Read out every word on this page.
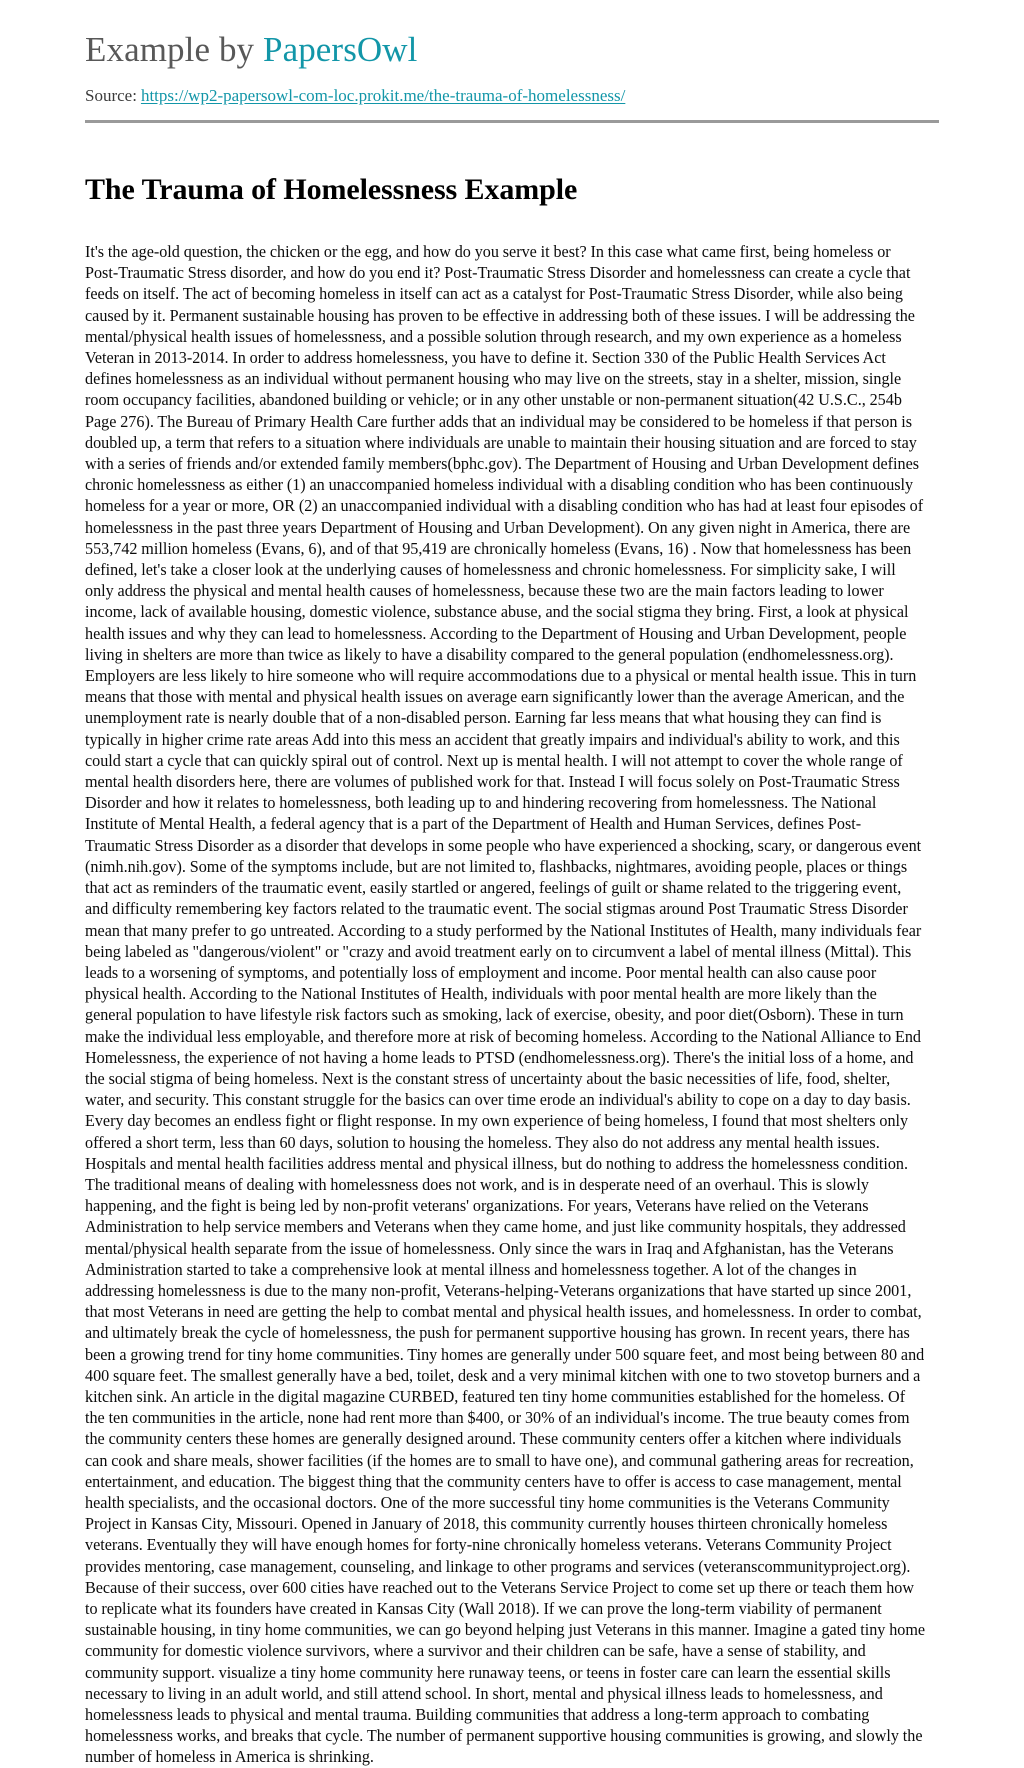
Example by PapersOwl
Source: https://wp2-papersowl-com-loc.prokit.me/the-trauma-of-homelessness/
The Trauma of Homelessness Example

It's the age-old question, the chicken or the egg, and how do you serve it best? In this case what came first, being homeless or Post-Traumatic Stress disorder, and how do you end it? Post-Traumatic Stress Disorder and homelessness can create a cycle that feeds on itself. The act of becoming homeless in itself can act as a catalyst for Post-Traumatic Stress Disorder, while also being caused by it. Permanent sustainable housing has proven to be effective in addressing both of these issues. I will be addressing the mental/physical health issues of homelessness, and a possible solution through research, and my own experience as a homeless Veteran in 2013-2014. In order to address homelessness, you have to define it. Section 330 of the Public Health Services Act defines homelessness as an individual without permanent housing who may live on the streets, stay in a shelter, mission, single room occupancy facilities, abandoned building or vehicle; or in any other unstable or non-permanent situation(42 U.S.C., 254b Page 276). The Bureau of Primary Health Care further adds that an individual may be considered to be homeless if that person is doubled up, a term that refers to a situation where individuals are unable to maintain their housing situation and are forced to stay with a series of friends and/or extended family members(bphc.gov). The Department of Housing and Urban Development defines chronic homelessness as either (1) an unaccompanied homeless individual with a disabling condition who has been continuously homeless for a year or more, OR (2) an unaccompanied individual with a disabling condition who has had at least four episodes of homelessness in the past three years Department of Housing and Urban Development). On any given night in America, there are 553,742 million homeless (Evans, 6), and of that 95,419 are chronically homeless (Evans, 16) . Now that homelessness has been defined, let's take a closer look at the underlying causes of homelessness and chronic homelessness. For simplicity sake, I will only address the physical and mental health causes of homelessness, because these two are the main factors leading to lower income, lack of available housing, domestic violence, substance abuse, and the social stigma they bring. First, a look at physical health issues and why they can lead to homelessness. According to the Department of Housing and Urban Development, people living in shelters are more than twice as likely to have a disability compared to the general population (endhomelessness.org). Employers are less likely to hire someone who will require accommodations due to a physical or mental health issue. This in turn means that those with mental and physical health issues on average earn significantly lower than the average American, and the unemployment rate is nearly double that of a non-disabled person. Earning far less means that what housing they can find is typically in higher crime rate areas Add into this mess an accident that greatly impairs and individual's ability to work, and this could start a cycle that can quickly spiral out of control. Next up is mental health. I will not attempt to cover the whole range of mental health disorders here, there are volumes of published work for that. Instead I will focus solely on Post-Traumatic Stress Disorder and how it relates to homelessness, both leading up to and hindering recovering from homelessness. The National Institute of Mental Health, a federal agency that is a part of the Department of Health and Human Services, defines Post-Traumatic Stress Disorder as a disorder that develops in some people who have experienced a shocking, scary, or dangerous event (nimh.nih.gov). Some of the symptoms include, but are not limited to, flashbacks, nightmares, avoiding people, places or things that act as reminders of the traumatic event, easily startled or angered, feelings of guilt or shame related to the triggering event, and difficulty remembering key factors related to the traumatic event. The social stigmas around Post Traumatic Stress Disorder mean that many prefer to go untreated. According to a study performed by the National Institutes of Health, many individuals fear being labeled as "dangerous/violent" or "crazy and avoid treatment early on to circumvent a label of mental illness (Mittal). This leads to a worsening of symptoms, and potentially loss of employment and income. Poor mental health can also cause poor physical health. According to the National Institutes of Health, individuals with poor mental health are more likely than the general population to have lifestyle risk factors such as smoking, lack of exercise, obesity, and poor diet(Osborn). These in turn make the individual less employable, and therefore more at risk of becoming homeless. According to the National Alliance to End Homelessness, the experience of not having a home leads to PTSD (endhomelessness.org). There's the initial loss of a home, and the social stigma of being homeless. Next is the constant stress of uncertainty about the basic necessities of life, food, shelter, water, and security. This constant struggle for the basics can over time erode an individual's ability to cope on a day to day basis. Every day becomes an endless fight or flight response. In my own experience of being homeless, I found that most shelters only offered a short term, less than 60 days, solution to housing the homeless. They also do not address any mental health issues. Hospitals and mental health facilities address mental and physical illness, but do nothing to address the homelessness condition. The traditional means of dealing with homelessness does not work, and is in desperate need of an overhaul. This is slowly happening, and the fight is being led by non-profit veterans' organizations. For years, Veterans have relied on the Veterans Administration to help service members and Veterans when they came home, and just like community hospitals, they addressed mental/physical health separate from the issue of homelessness. Only since the wars in Iraq and Afghanistan, has the Veterans Administration started to take a comprehensive look at mental illness and homelessness together. A lot of the changes in addressing homelessness is due to the many non-profit, Veterans-helping-Veterans organizations that have started up since 2001, that most Veterans in need are getting the help to combat mental and physical health issues, and homelessness. In order to combat, and ultimately break the cycle of homelessness, the push for permanent supportive housing has grown. In recent years, there has been a growing trend for tiny home communities. Tiny homes are generally under 500 square feet, and most being between 80 and 400 square feet. The smallest generally have a bed, toilet, desk and a very minimal kitchen with one to two stovetop burners and a kitchen sink. An article in the digital magazine CURBED, featured ten tiny home communities established for the homeless. Of the ten communities in the article, none had rent more than $400, or 30% of an individual's income. The true beauty comes from the community centers these homes are generally designed around. These community centers offer a kitchen where individuals can cook and share meals, shower facilities (if the homes are to small to have one), and communal gathering areas for recreation, entertainment, and education. The biggest thing that the community centers have to offer is access to case management, mental health specialists, and the occasional doctors. One of the more successful tiny home communities is the Veterans Community Project in Kansas City, Missouri. Opened in January of 2018, this community currently houses thirteen chronically homeless veterans. Eventually they will have enough homes for forty-nine chronically homeless veterans. Veterans Community Project provides mentoring, case management, counseling, and linkage to other programs and services (veteranscommunityproject.org). Because of their success, over 600 cities have reached out to the Veterans Service Project to come set up there or teach them how to replicate what its founders have created in Kansas City (Wall 2018). If we can prove the long-term viability of permanent sustainable housing, in tiny home communities, we can go beyond helping just Veterans in this manner. Imagine a gated tiny home community for domestic violence survivors, where a survivor and their children can be safe, have a sense of stability, and community support. visualize a tiny home community here runaway teens, or teens in foster care can learn the essential skills necessary to living in an adult world, and still attend school. In short, mental and physical illness leads to homelessness, and homelessness leads to physical and mental trauma. Building communities that address a long-term approach to combating homelessness works, and breaks that cycle. The number of permanent supportive housing communities is growing, and slowly the number of homeless in America is shrinking.
